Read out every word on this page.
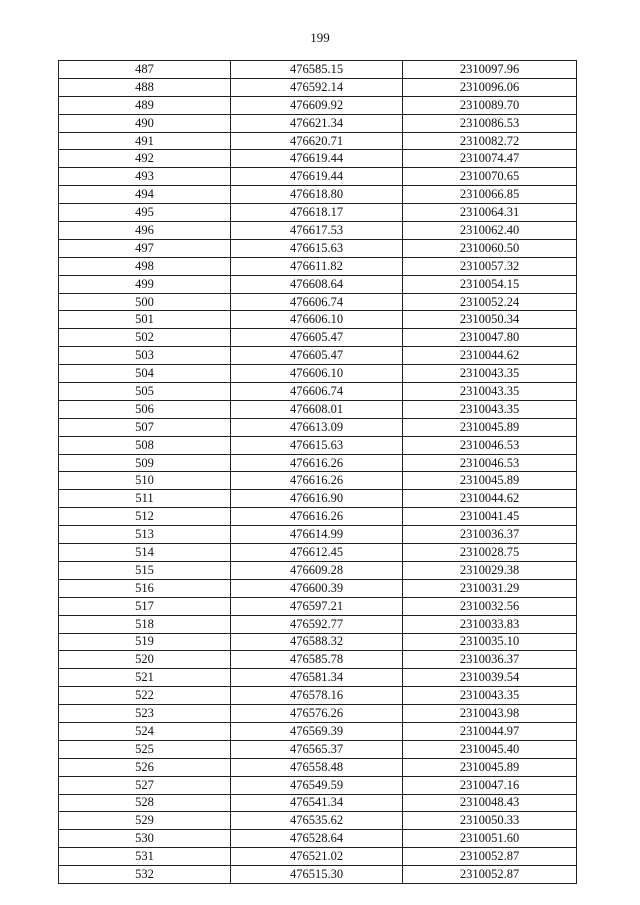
199
487	476585.15	2310097.96
488	476592.14	2310096.06
489	476609.92	2310089.70
490	476621.34	2310086.53
491	476620.71	2310082.72
492	476619.44	2310074.47
493	476619.44	2310070.65
494	476618.80	2310066.85
495	476618.17	2310064.31
496	476617.53	2310062.40
497	476615.63	2310060.50
498	476611.82	2310057.32
499	476608.64	2310054.15
500	476606.74	2310052.24
501	476606.10	2310050.34
502	476605.47	2310047.80
503	476605.47	2310044.62
504	476606.10	2310043.35
505	476606.74	2310043.35
506	476608.01	2310043.35
507	476613.09	2310045.89
508	476615.63	2310046.53
509	476616.26	2310046.53
510	476616.26	2310045.89
511	476616.90	2310044.62
512	476616.26	2310041.45
513	476614.99	2310036.37
514	476612.45	2310028.75
515	476609.28	2310029.38
516	476600.39	2310031.29
517	476597.21	2310032.56
518	476592.77	2310033.83
519	476588.32	2310035.10
520	476585.78	2310036.37
521	476581.34	2310039.54
522	476578.16	2310043.35
523	476576.26	2310043.98
524	476569.39	2310044.97
525	476565.37	2310045.40
526	476558.48	2310045.89
527	476549.59	2310047.16
528	476541.34	2310048.43
529	476535.62	2310050.33
530	476528.64	2310051.60
531	476521.02	2310052.87
532	476515.30	2310052.87
